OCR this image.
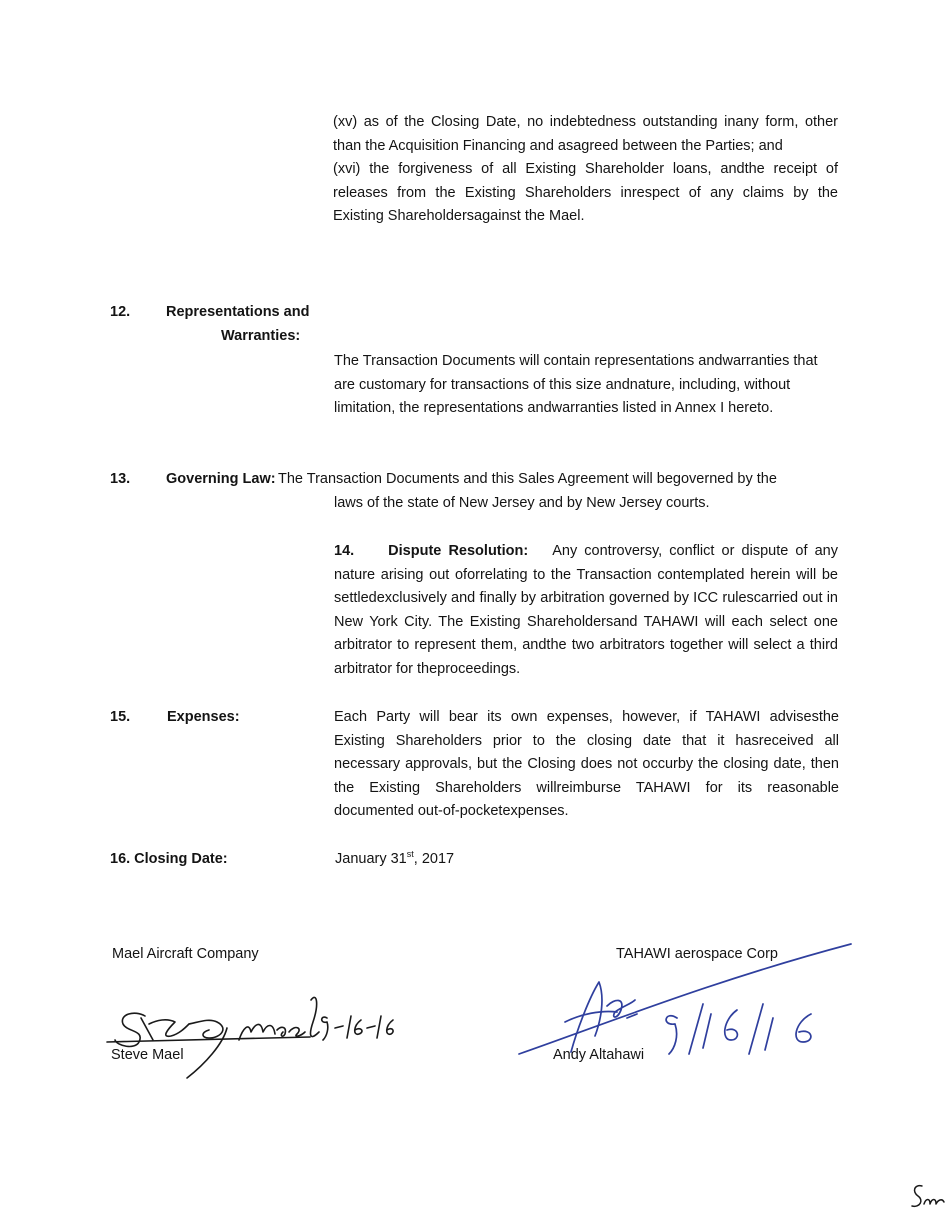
(xv) as of the Closing Date, no indebtedness outstanding inany form, other than the Acquisition Financing and asagreed between the Parties; and

(xvi) the forgiveness of all Existing Shareholder loans, andthe receipt of releases from the Existing Shareholders inrespect of any claims by the Existing Shareholdersagainst the Mael.

12. Representations and
Warranties:
The Transaction Documents will contain representations andwarranties that are customary for transactions of this size andnature, including, without limitation, the representations andwarranties listed in Annex I hereto.
13. Governing Law: The Transaction Documents and this Sales Agreement will begoverned by the
laws of the state of New Jersey and by New Jersey courts.
14. Dispute Resolution: Any controversy, conflict or dispute of any nature arising out oforrelating to the Transaction contemplated herein will be settledexclusively and finally by arbitration governed by ICC rulescarried out in New York City. The Existing Shareholdersand TAHAWI will each select one arbitrator to represent them, andthe two arbitrators together will select a third arbitrator for theproceedings.
15.	Expenses:	Each Party will bear its own expenses, however, if TAHAWI advisesthe Existing Shareholders prior to the closing date that it hasreceived all necessary approvals, but the Closing does not occurby the closing date, then the Existing Shareholders willreimburse TAHAWI for its reasonable documented out-of-pocketexpenses.
16. Closing Date:	January 31st, 2017
Mael Aircraft Company
Steve Mael
TAHAWI aerospace Corp
Andy Altahawi
